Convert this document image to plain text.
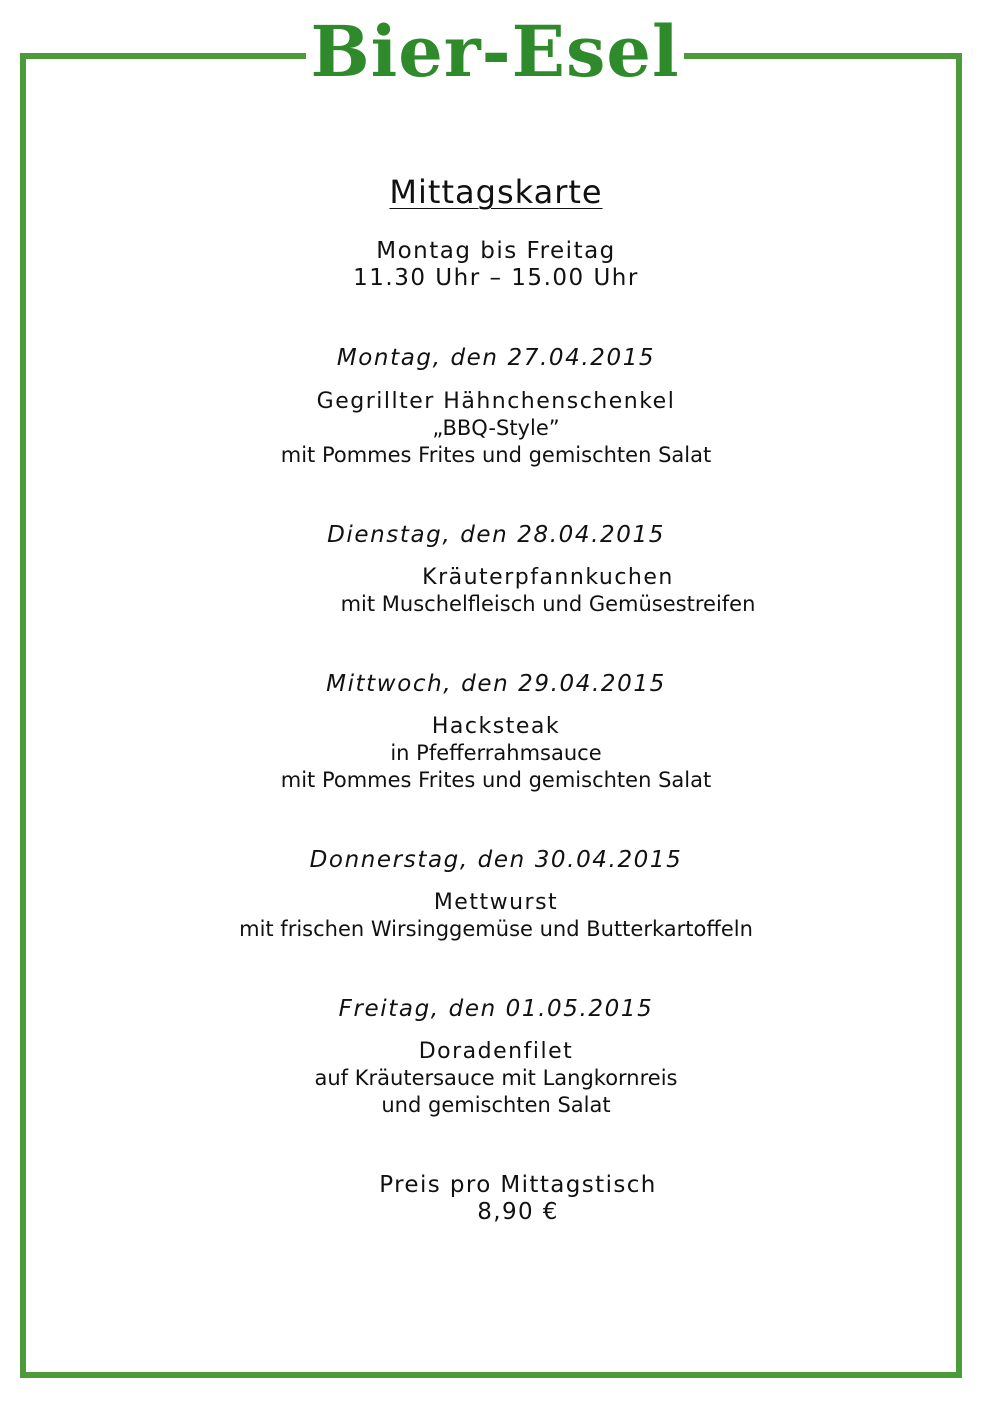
Bier-Esel
Mittagskarte
Montag bis Freitag
11.30 Uhr – 15.00 Uhr
Montag, den 27.04.2015
Gegrillter Hähnchenschenkel
„BBQ-Style”
mit Pommes Frites und gemischten Salat
Dienstag, den 28.04.2015
Kräuterpfannkuchen
mit Muschelfleisch und Gemüsestreifen
Mittwoch, den 29.04.2015
Hacksteak
in Pfefferrahmsauce
mit Pommes Frites und gemischten Salat
Donnerstag, den 30.04.2015
Mettwurst
mit frischen Wirsinggemüse und Butterkartoffeln
Freitag, den 01.05.2015
Doradenfilet
auf Kräutersauce mit Langkornreis
und gemischten Salat
Preis pro Mittagstisch
8,90 €
